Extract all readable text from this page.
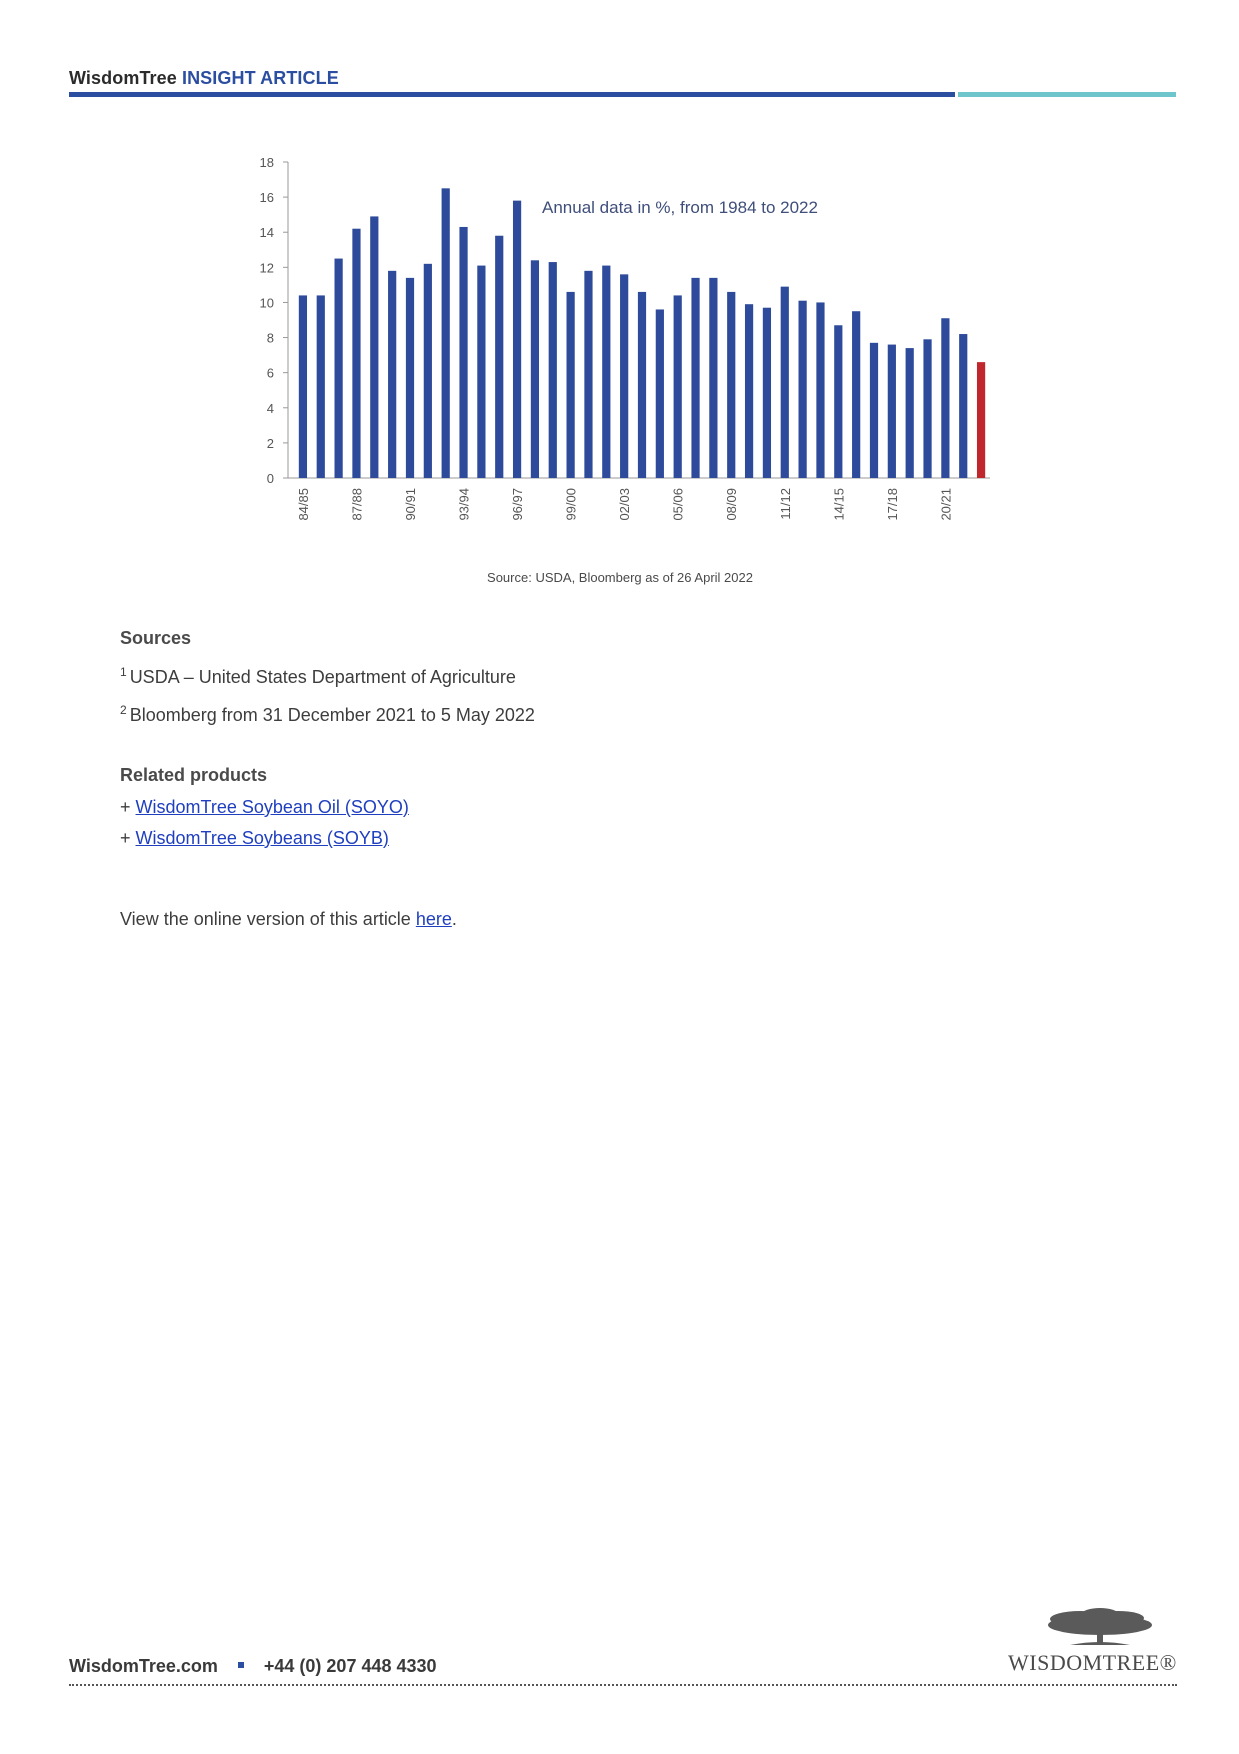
WisdomTree INSIGHT ARTICLE
0
2
4
6
8
10
12
14
16
18
84/85	87/88	90/91	93/94	96/97	99/00	02/03	05/06	08/09	11/12	14/15	17/18	20/21
Annual data in %, from 1984 to 2022
Source: USDA, Bloomberg as of 26 April 2022
Sources
$^1$ USDA – United States Department of Agriculture
$^2$ Bloomberg from 31 December 2021 to 5 May 2022
Related products
+ WisdomTree Soybean Oil (SOYO)
+ WisdomTree Soybeans (SOYB)
View the online version of this article here.
WisdomTree.com	+44 (0) 207 448 4330	WISDOMTREE®
